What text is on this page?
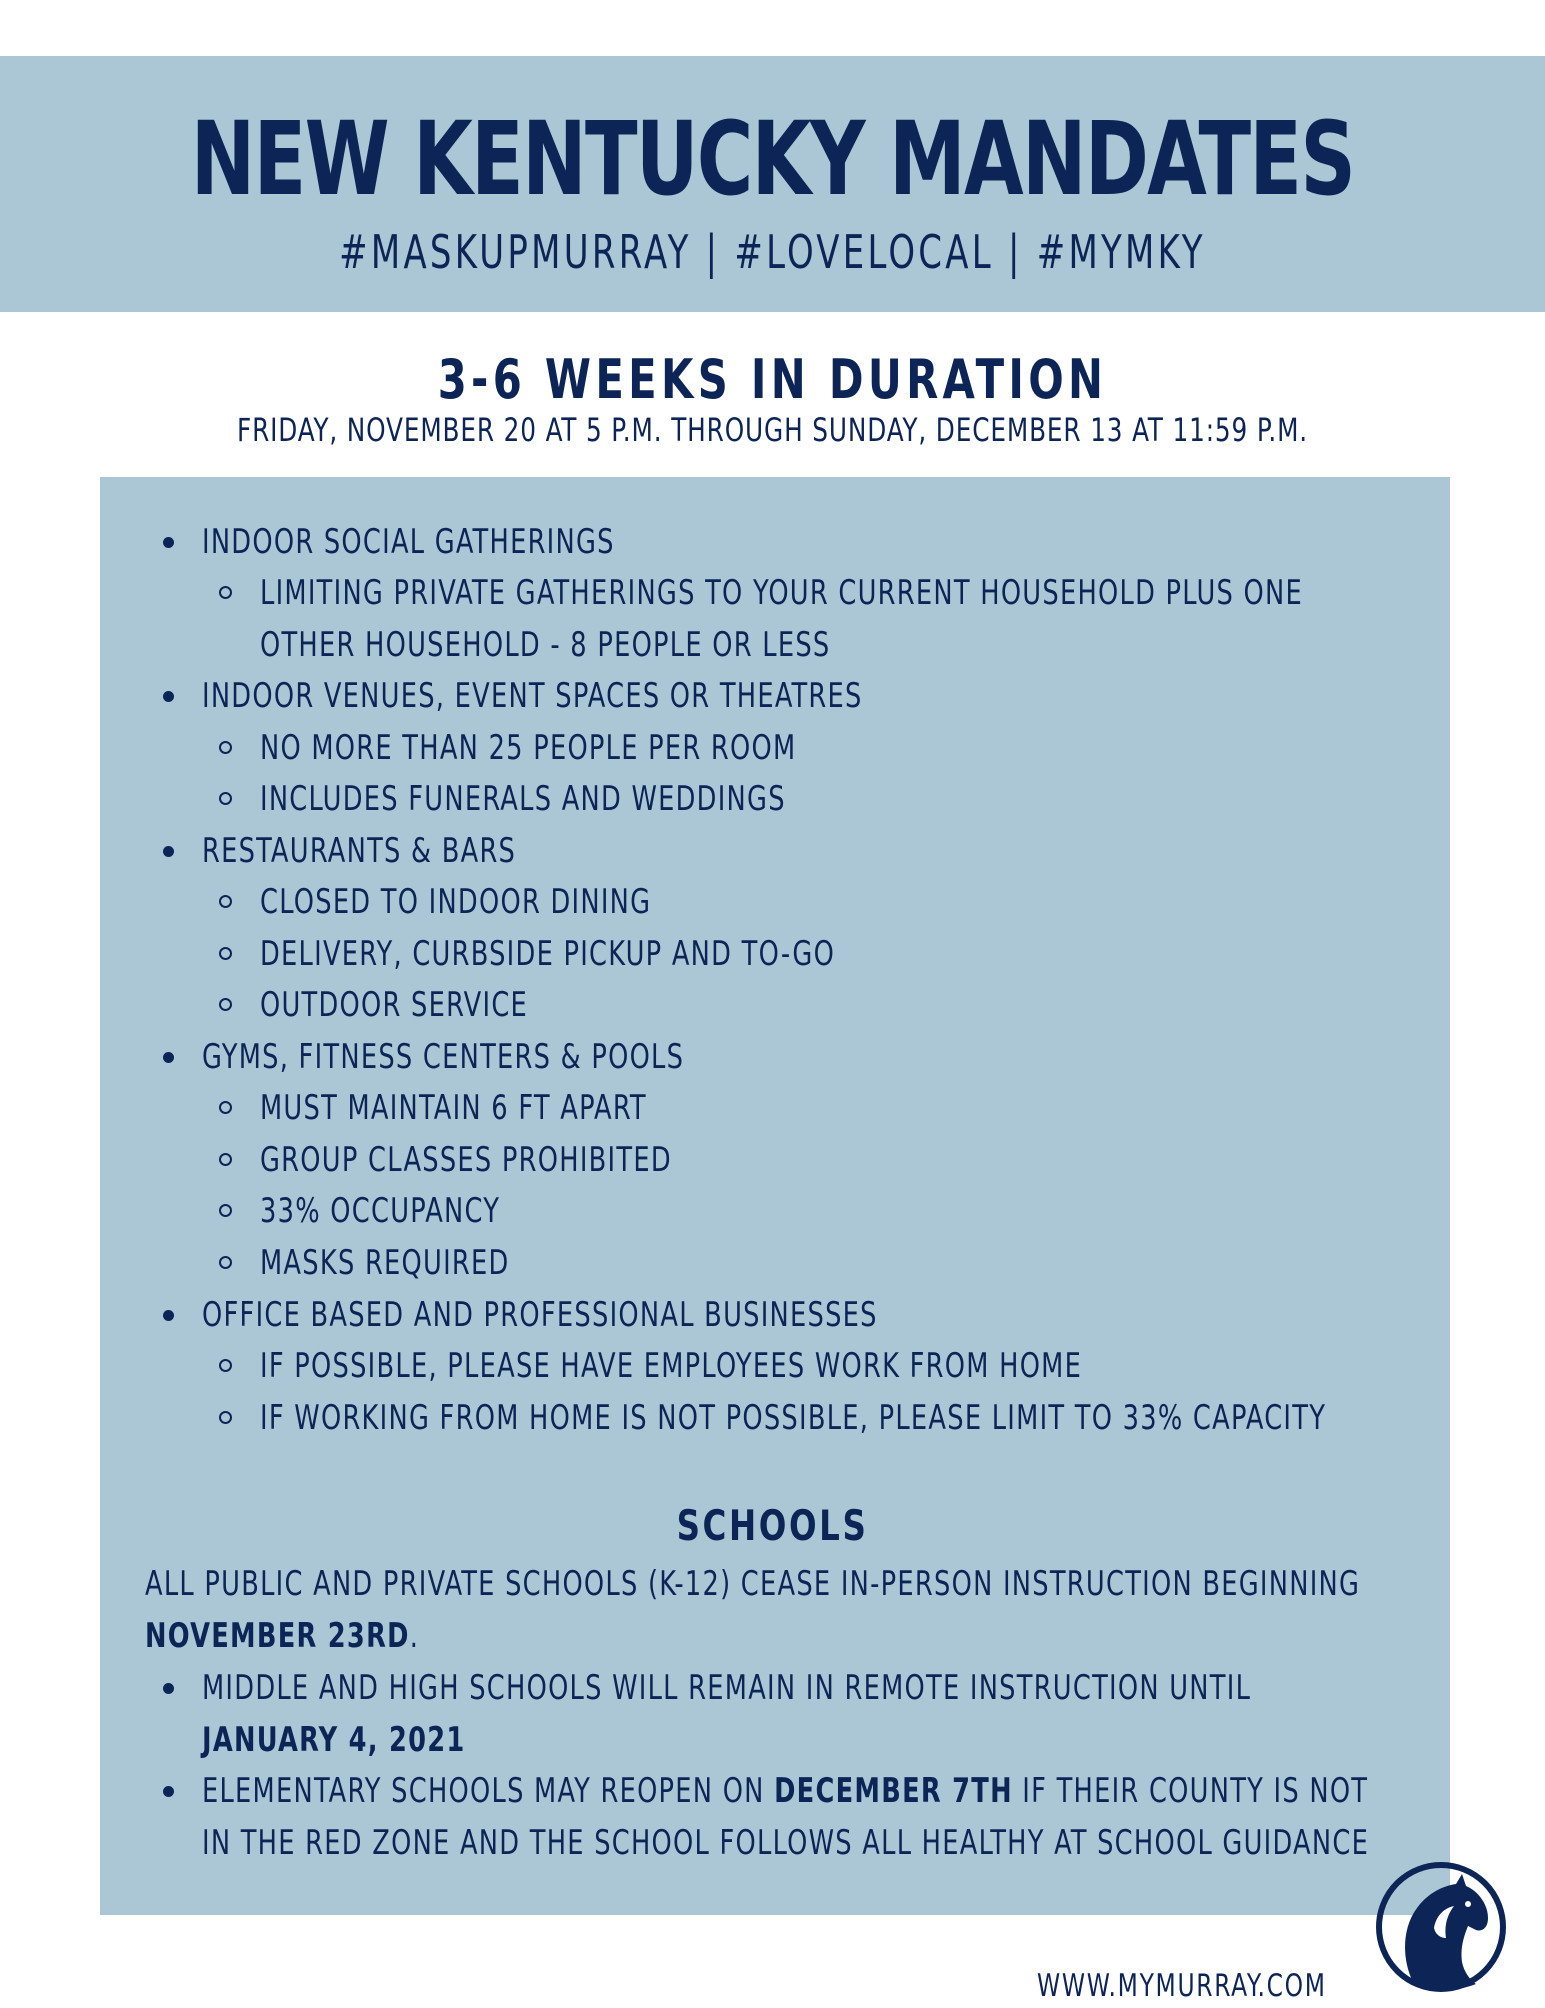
NEW KENTUCKY MANDATES
#MASKUPMURRAY | #LOVELOCAL | #MYMKY
3-6 WEEKS IN DURATION
FRIDAY, NOVEMBER 20 AT 5 P.M. THROUGH SUNDAY, DECEMBER 13 AT 11:59 P.M.
INDOOR SOCIAL GATHERINGS
LIMITING PRIVATE GATHERINGS TO YOUR CURRENT HOUSEHOLD PLUS ONE
OTHER HOUSEHOLD - 8 PEOPLE OR LESS
INDOOR VENUES, EVENT SPACES OR THEATRES
NO MORE THAN 25 PEOPLE PER ROOM
INCLUDES FUNERALS AND WEDDINGS
RESTAURANTS & BARS
CLOSED TO INDOOR DINING
DELIVERY, CURBSIDE PICKUP AND TO-GO
OUTDOOR SERVICE
GYMS, FITNESS CENTERS & POOLS
MUST MAINTAIN 6 FT APART
GROUP CLASSES PROHIBITED
33% OCCUPANCY
MASKS REQUIRED
OFFICE BASED AND PROFESSIONAL BUSINESSES
IF POSSIBLE, PLEASE HAVE EMPLOYEES WORK FROM HOME
IF WORKING FROM HOME IS NOT POSSIBLE, PLEASE LIMIT TO 33% CAPACITY
SCHOOLS
ALL PUBLIC AND PRIVATE SCHOOLS (K-12) CEASE IN-PERSON INSTRUCTION BEGINNING
NOVEMBER 23RD.
MIDDLE AND HIGH SCHOOLS WILL REMAIN IN REMOTE INSTRUCTION UNTIL
JANUARY 4, 2021
ELEMENTARY SCHOOLS MAY REOPEN ON DECEMBER 7TH IF THEIR COUNTY IS NOT
IN THE RED ZONE AND THE SCHOOL FOLLOWS ALL HEALTHY AT SCHOOL GUIDANCE
WWW.MYMURRAY.COM
